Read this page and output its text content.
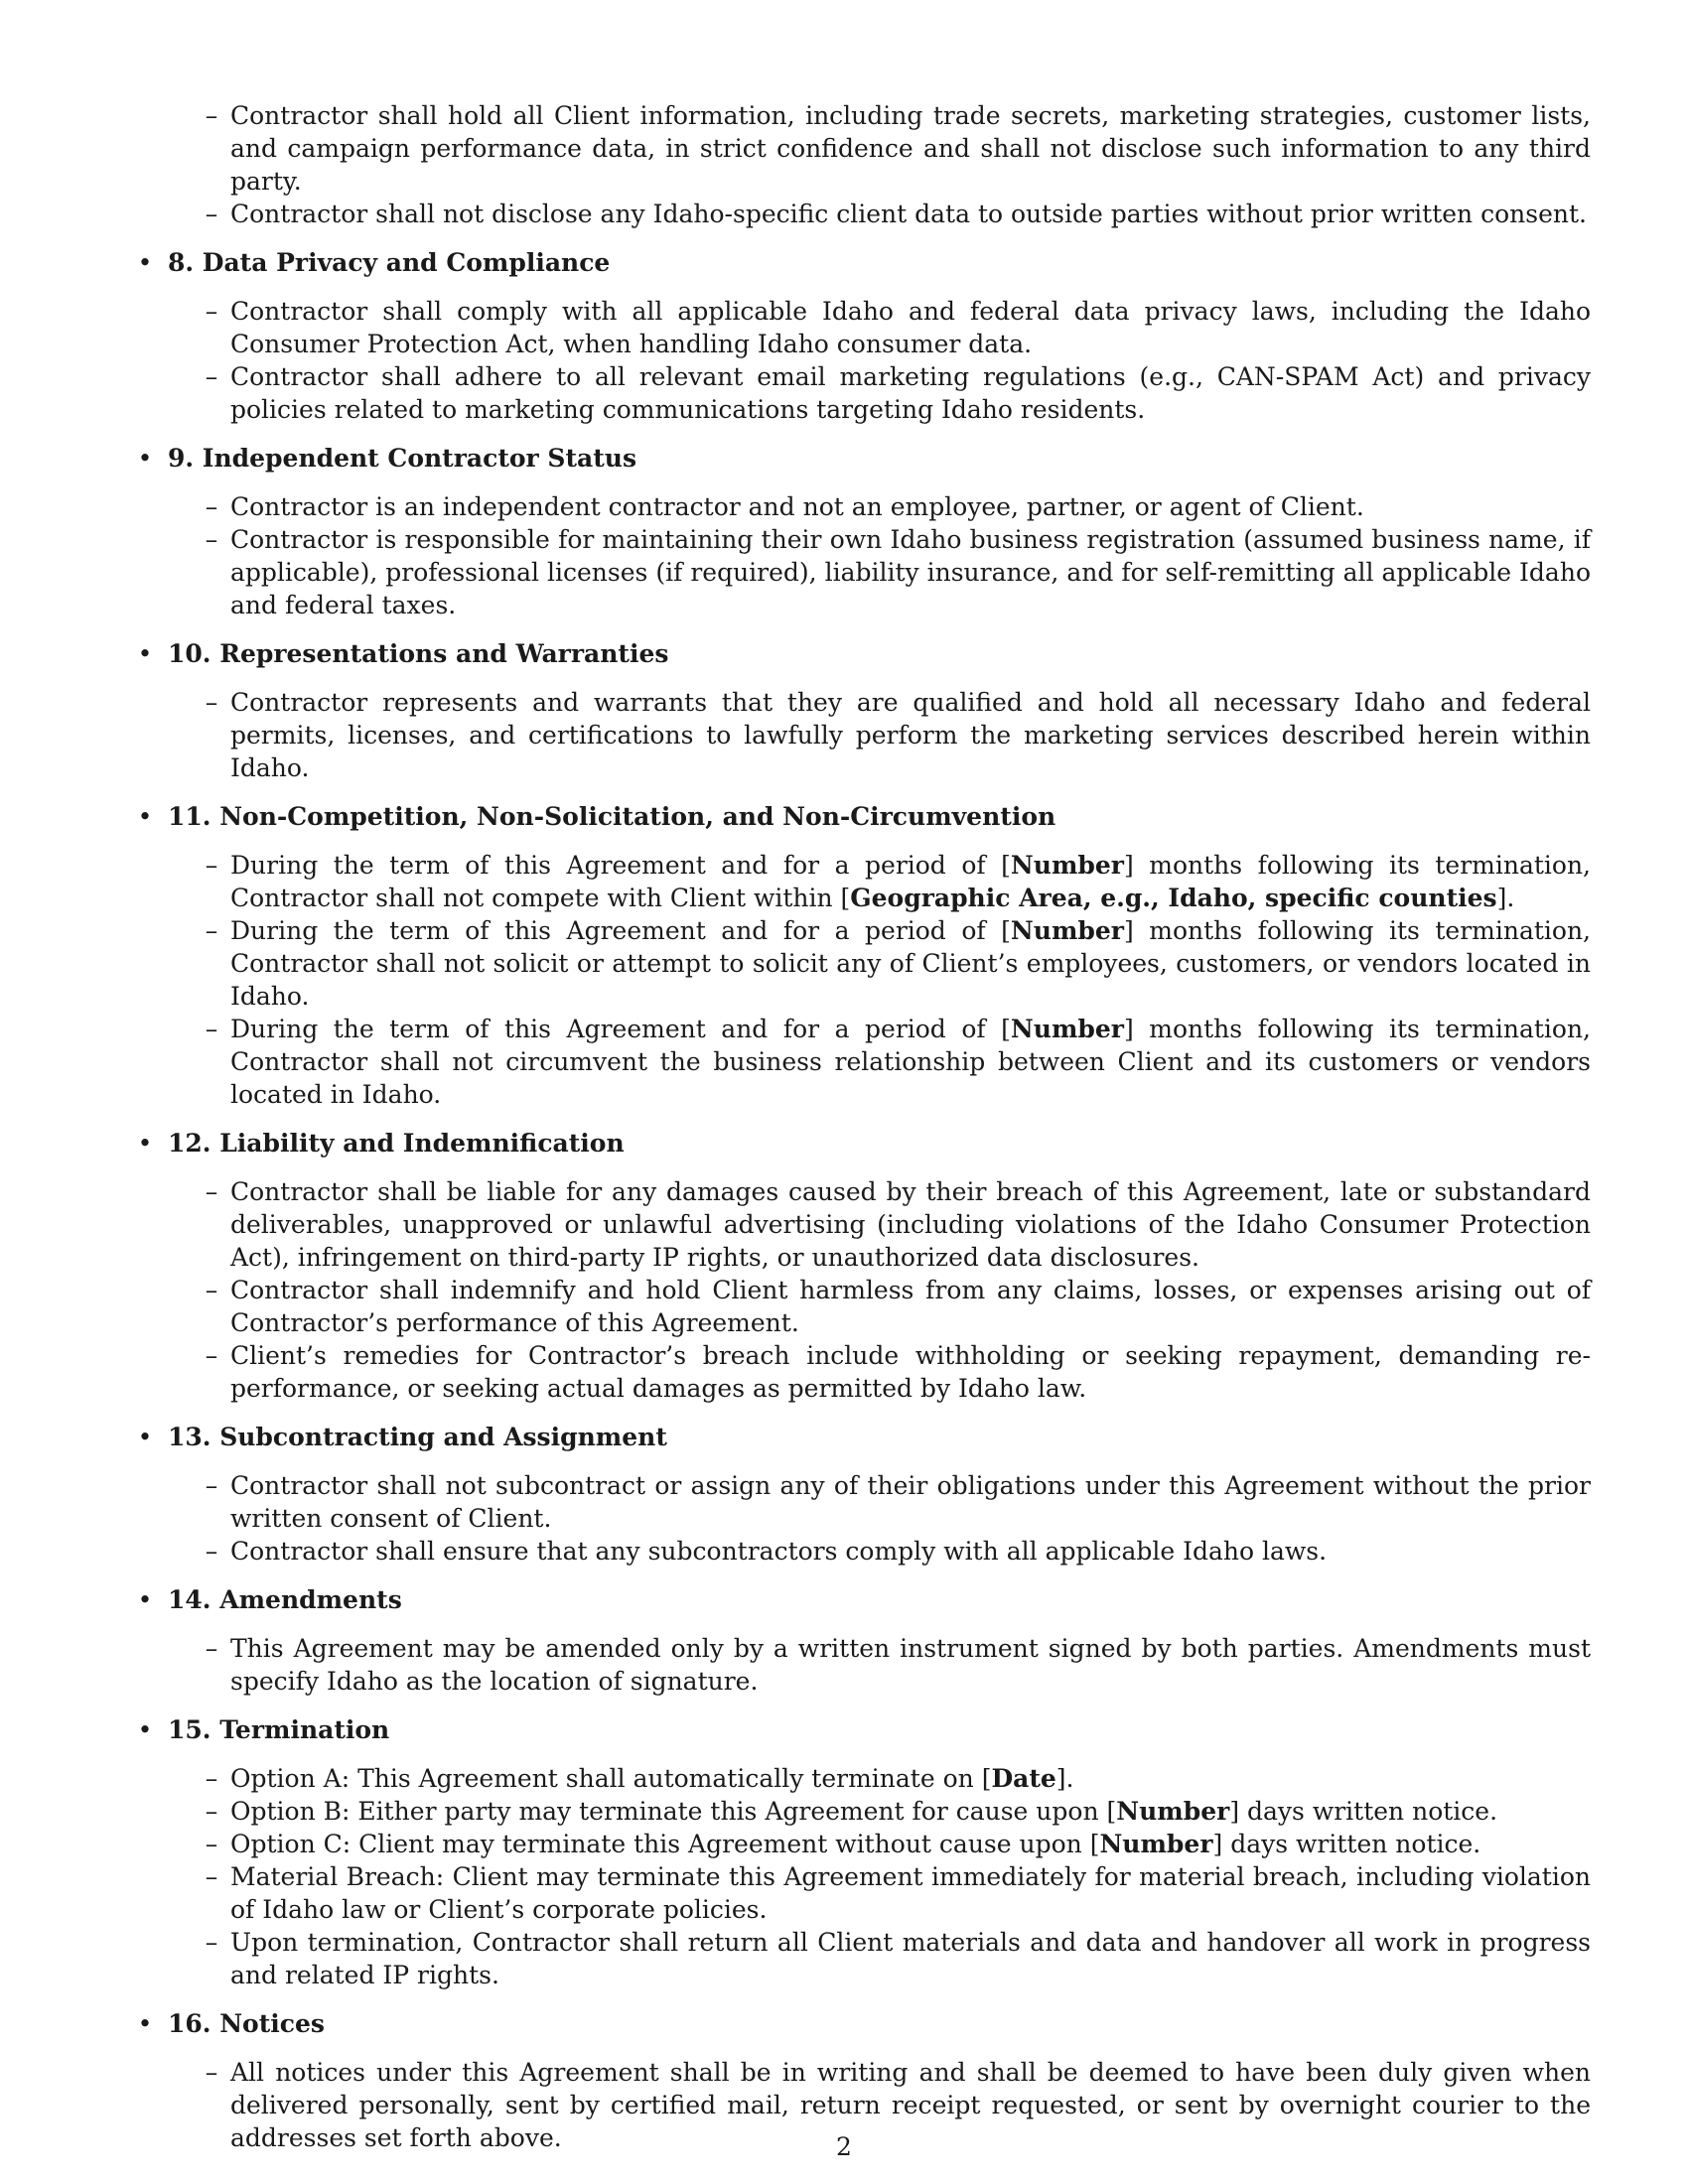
– Contractor shall hold all Client information, including trade secrets, marketing strategies, customer lists, and campaign performance data, in strict confidence and shall not disclose such information to any third party.
– Contractor shall not disclose any Idaho-specific client data to outside parties without prior written consent.
• 8. Data Privacy and Compliance
– Contractor shall comply with all applicable Idaho and federal data privacy laws, including the Idaho Consumer Protection Act, when handling Idaho consumer data.
– Contractor shall adhere to all relevant email marketing regulations (e.g., CAN-SPAM Act) and privacy policies related to marketing communications targeting Idaho residents.
• 9. Independent Contractor Status
– Contractor is an independent contractor and not an employee, partner, or agent of Client.
– Contractor is responsible for maintaining their own Idaho business registration (assumed business name, if applicable), professional licenses (if required), liability insurance, and for self-remitting all applicable Idaho and federal taxes.
• 10. Representations and Warranties
– Contractor represents and warrants that they are qualified and hold all necessary Idaho and federal permits, licenses, and certifications to lawfully perform the marketing services described herein within Idaho.
• 11. Non-Competition, Non-Solicitation, and Non-Circumvention
– During the term of this Agreement and for a period of [Number] months following its termination, Contractor shall not compete with Client within [Geographic Area, e.g., Idaho, specific counties].
– During the term of this Agreement and for a period of [Number] months following its termination, Contractor shall not solicit or attempt to solicit any of Client’s employees, customers, or vendors located in Idaho.
– During the term of this Agreement and for a period of [Number] months following its termination, Contractor shall not circumvent the business relationship between Client and its customers or vendors located in Idaho.
• 12. Liability and Indemnification
– Contractor shall be liable for any damages caused by their breach of this Agreement, late or substandard deliverables, unapproved or unlawful advertising (including violations of the Idaho Consumer Protection Act), infringement on third-party IP rights, or unauthorized data disclosures.
– Contractor shall indemnify and hold Client harmless from any claims, losses, or expenses arising out of Contractor’s performance of this Agreement.
– Client’s remedies for Contractor’s breach include withholding or seeking repayment, demanding re-performance, or seeking actual damages as permitted by Idaho law.
• 13. Subcontracting and Assignment
– Contractor shall not subcontract or assign any of their obligations under this Agreement without the prior written consent of Client.
– Contractor shall ensure that any subcontractors comply with all applicable Idaho laws.
• 14. Amendments
– This Agreement may be amended only by a written instrument signed by both parties. Amendments must specify Idaho as the location of signature.
• 15. Termination
– Option A: This Agreement shall automatically terminate on [Date].
– Option B: Either party may terminate this Agreement for cause upon [Number] days written notice.
– Option C: Client may terminate this Agreement without cause upon [Number] days written notice.
– Material Breach: Client may terminate this Agreement immediately for material breach, including violation of Idaho law or Client’s corporate policies.
– Upon termination, Contractor shall return all Client materials and data and handover all work in progress and related IP rights.
• 16. Notices
– All notices under this Agreement shall be in writing and shall be deemed to have been duly given when delivered personally, sent by certified mail, return receipt requested, or sent by overnight courier to the addresses set forth above.	2
